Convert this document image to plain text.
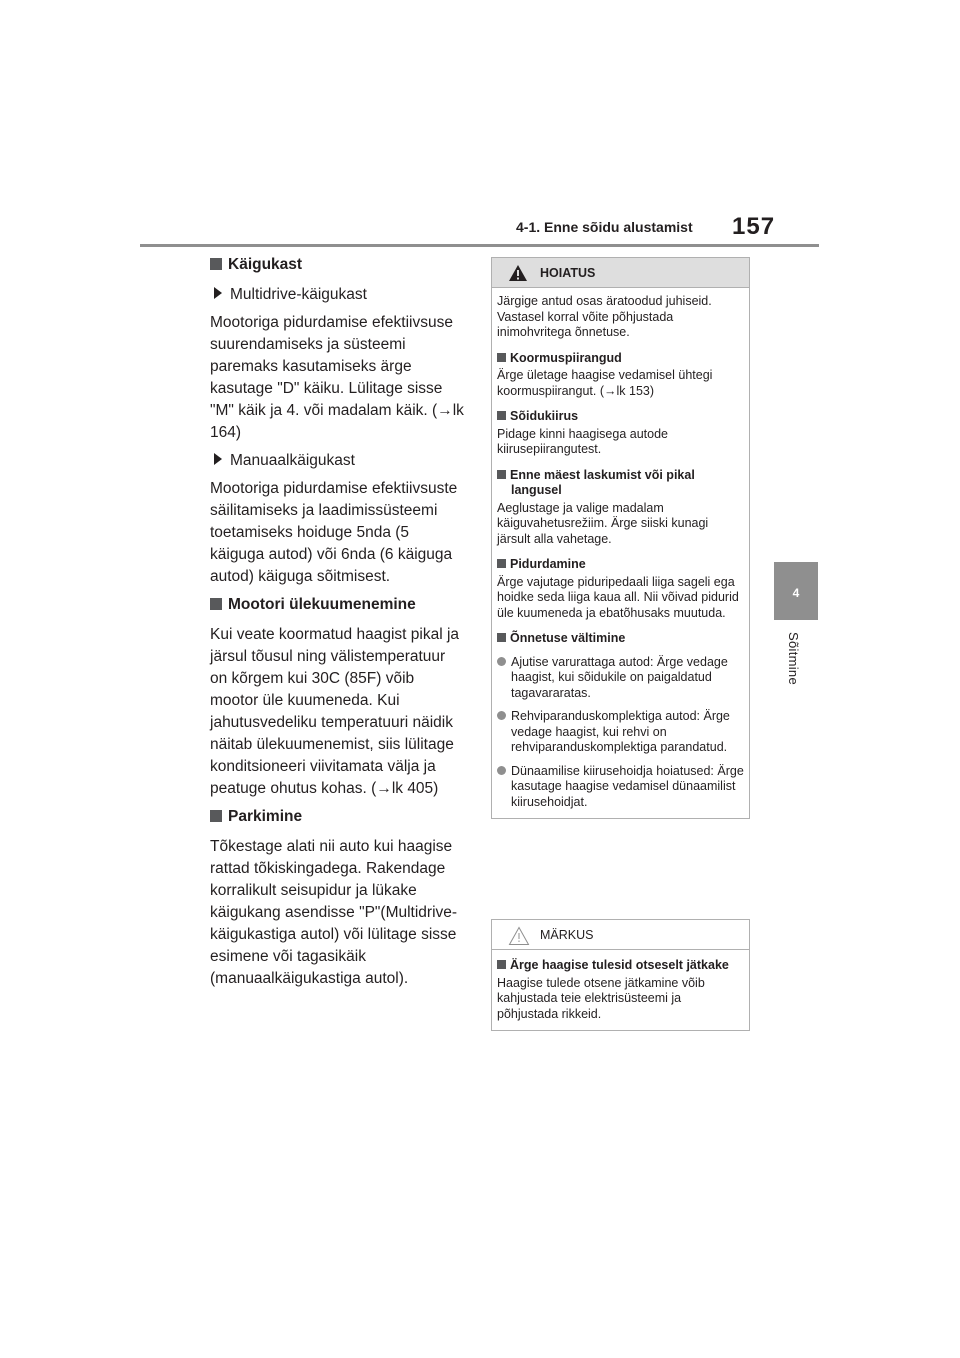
4-1. Enne sõidu alustamist 157
4
Sõitmine
Käigukast
Multidrive-käigukast
Mootoriga pidurdamise efektiivsuse suurendamiseks ja süsteemi paremaks kasutamiseks ärge kasutage "D" käiku. Lülitage sisse "M" käik ja 4. või madalam käik. (→lk 164)
Manuaalkäigukast
Mootoriga pidurdamise efektiivsuste säilitamiseks ja laadimissüsteemi toetamiseks hoiduge 5nda (5 käiguga autod) või 6nda (6 käiguga autod) käiguga sõitmisest.
Mootori ülekuumenemine
Kui veate koormatud haagist pikal ja järsul tõusul ning välistemperatuur on kõrgem kui 30C (85F) võib mootor üle kuumeneda. Kui jahutusvedeliku temperatuuri näidik näitab ülekuumenemist, siis lülitage konditsioneeri viivitamata välja ja peatuge ohutus kohas. (→lk 405)
Parkimine
Tõkestage alati nii auto kui haagise rattad tõkiskingadega. Rakendage korralikult seisupidur ja lükake käigukang asendisse "P"(Multidrive-käigukastiga autol) või lülitage sisse esimene või tagasikäik (manuaalkäigukastiga autol).
HOIATUS
Järgige antud osas äratoodud juhiseid. Vastasel korral võite põhjustada inimohvritega õnnetuse.
Koormuspiirangud
Ärge ületage haagise vedamisel ühtegi koormuspiirangut. (→lk 153)
Sõidukiirus
Pidage kinni haagisega autode kiirusepiirangutest.
Enne mäest laskumist või pikal langusel
Aeglustage ja valige madalam käiguvahetusrežiim. Ärge siiski kunagi järsult alla vahetage.
Pidurdamine
Ärge vajutage piduripedaali liiga sageli ega hoidke seda liiga kaua all. Nii võivad pidurid üle kuumeneda ja ebatõhusaks muutuda.
Õnnetuse vältimine
Ajutise varurattaga autod: Ärge vedage haagist, kui sõidukile on paigaldatud tagavararatas.
Rehviparanduskomplektiga autod: Ärge vedage haagist, kui rehvi on rehviparanduskomplektiga parandatud.
Dünaamilise kiirusehoidja hoiatused: Ärge kasutage haagise vedamisel dünaamilist kiirusehoidjat.
MÄRKUS
Ärge haagise tulesid otseselt jätkake
Haagise tulede otsene jätkamine võib kahjustada teie elektrisüsteemi ja põhjustada rikkeid.
